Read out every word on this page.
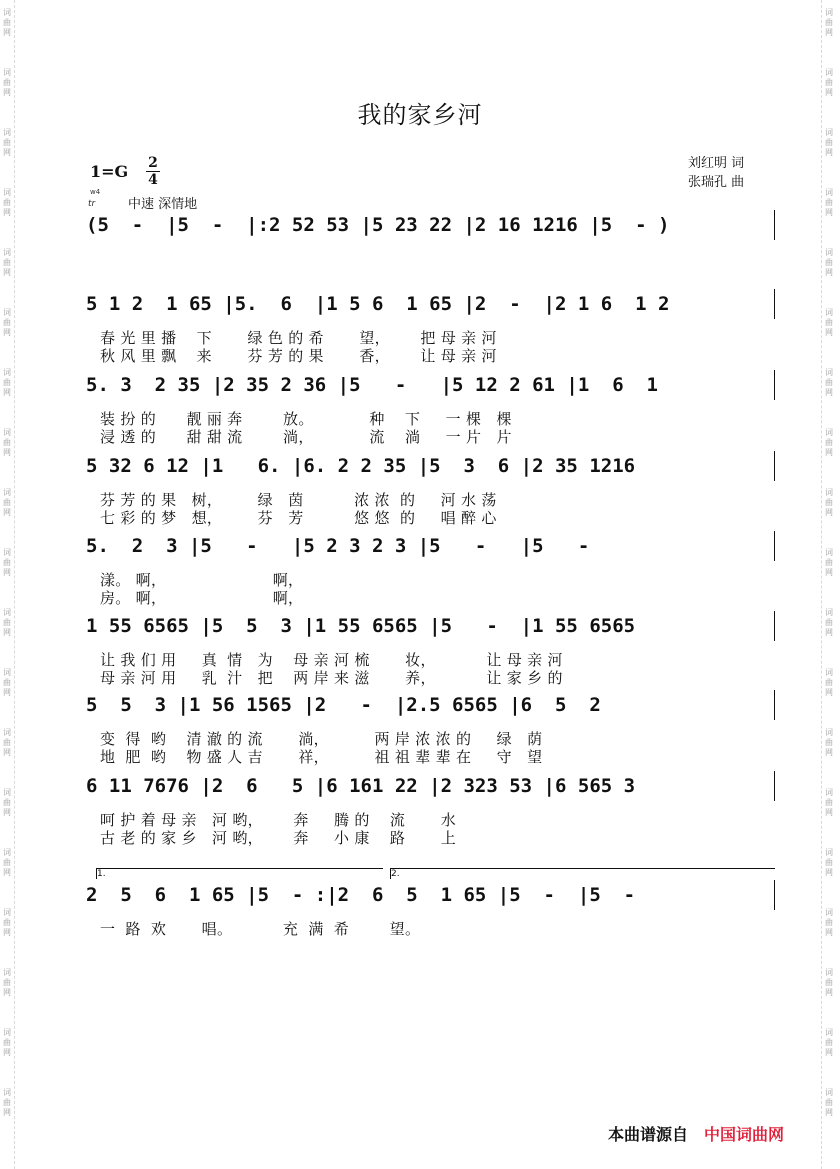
词
曲
网
词
曲
网
词
曲
网
词
曲
网
词
曲
网
词
曲
网
词
曲
网
词
曲
网
词
曲
网
词
曲
网
词
曲
网
词
曲
网
词
曲
网
词
曲
网
词
曲
网
词
曲
网
词
曲
网
词
曲
网
词
曲
网
词
曲
网
词
曲
网
词
曲
网
词
曲
网
词
曲
网
词
曲
网
词
曲
网
词
曲
网
词
曲
网
词
曲
网
词
曲
网
词
曲
网
词
曲
网
词
曲
网
词
曲
网
词
曲
网
词
曲
网
词
曲
网
词
曲
网
我的家乡河
刘红明 词
张瑞孔 曲
1=G 2
4
w4
tr	中速 深情地
(5  -  |5  -  |:2 52 53 |5 23 22 |2 16 1216 |5  - )
5 1 2  1 65 |5.  6  |1 5 6  1 65 |2  -  |2 1 6  1 2
春 光 里 播    下       绿 色 的 希       望，      把 母 亲 河
秋 风 里 飘    来       芬 芳 的 果       香，      让 母 亲 河
5. 3  2 35 |2 35 2 36 |5   -   |5 12 2 61 |1  6  1
装 扮 的      靓 丽 奔        放。           种    下     一 棵   棵
浸 透 的      甜 甜 流        淌，           流    淌     一 片   片
5 32 6 12 |1   6. |6. 2 2 35 |5  3  6 |2 35 1216
芬 芳 的 果   树，       绿   茵          浓 浓  的     河 水 荡
七 彩 的 梦   想，       芬   芳          悠 悠  的     唱 醉 心
5.  2  3 |5   -   |5 2 3 2 3 |5   -   |5   -
漾。 啊，                     啊，
房。 啊，                     啊，
1 55 6565 |5  5  3 |1 55 6565 |5   -  |1 55 6565
让 我 们 用     真  情   为    母 亲 河 梳       妆，          让 母 亲 河
母 亲 河 用     乳  汁   把    两 岸 来 滋       养，          让 家 乡 的
5  5  3 |1 56 1565 |2   -  |2.5 6565 |6  5  2
变  得  哟    清 澈 的 流       淌，         两 岸 浓 浓 的     绿   荫
地  肥  哟    物 盛 人 吉       祥，         祖 祖 辈 辈 在     守   望
6 11 7676 |2  6   5 |6 161 22 |2 323 53 |6 565 3
呵 护 着 母 亲   河 哟，      奔     腾 的    流       水
古 老 的 家 乡   河 哟，      奔     小 康    路       上
1.	2.
2  5  6  1 65 |5  - :|2  6  5  1 65 |5  -  |5  -
一  路  欢       唱。          充  满  希        望。
本曲谱源自 中国词曲网
